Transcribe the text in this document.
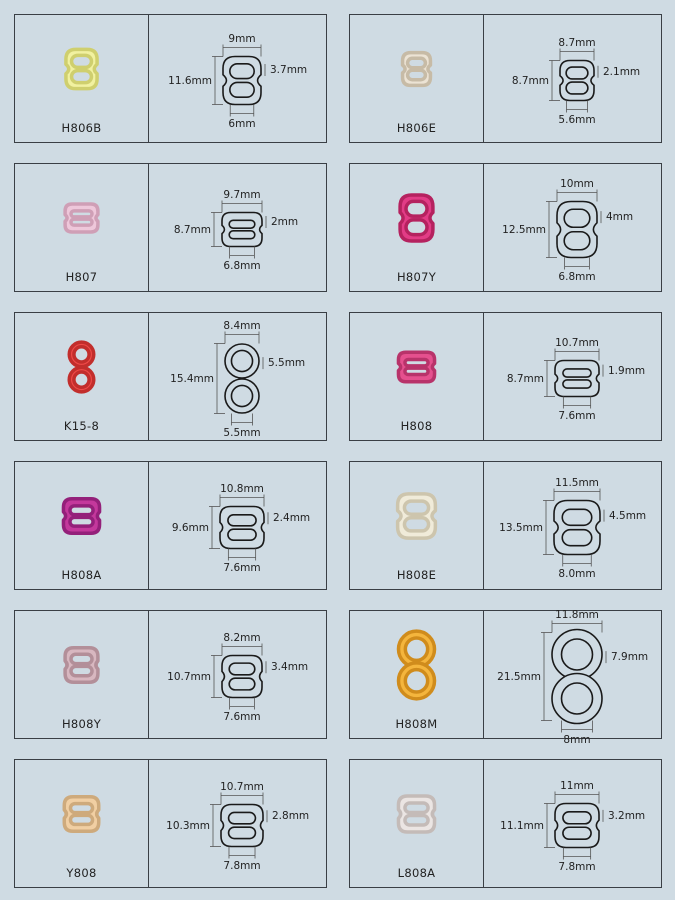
H806B
9mm
3.7mm
11.6mm
6mm	H806E
8.7mm
2.1mm
8.7mm
5.6mm
H807
9.7mm
2mm
8.7mm
6.8mm
H807Y
10mm
4mm
12.5mm
6.8mm
K15-8
8.4mm
5.5mm
15.4mm
5.5mm	H808
10.7mm
1.9mm
8.7mm
7.6mm
H808A
10.8mm
2.4mm
9.6mm
7.6mm
H808E
11.5mm
4.5mm
13.5mm
8.0mm
H808Y
8.2mm
3.4mm
10.7mm
7.6mm
H808M
11.8mm
7.9mm
21.5mm
8mm
Y808
10.7mm
2.8mm
10.3mm
7.8mm
L808A
11mm
3.2mm
11.1mm
7.8mm
